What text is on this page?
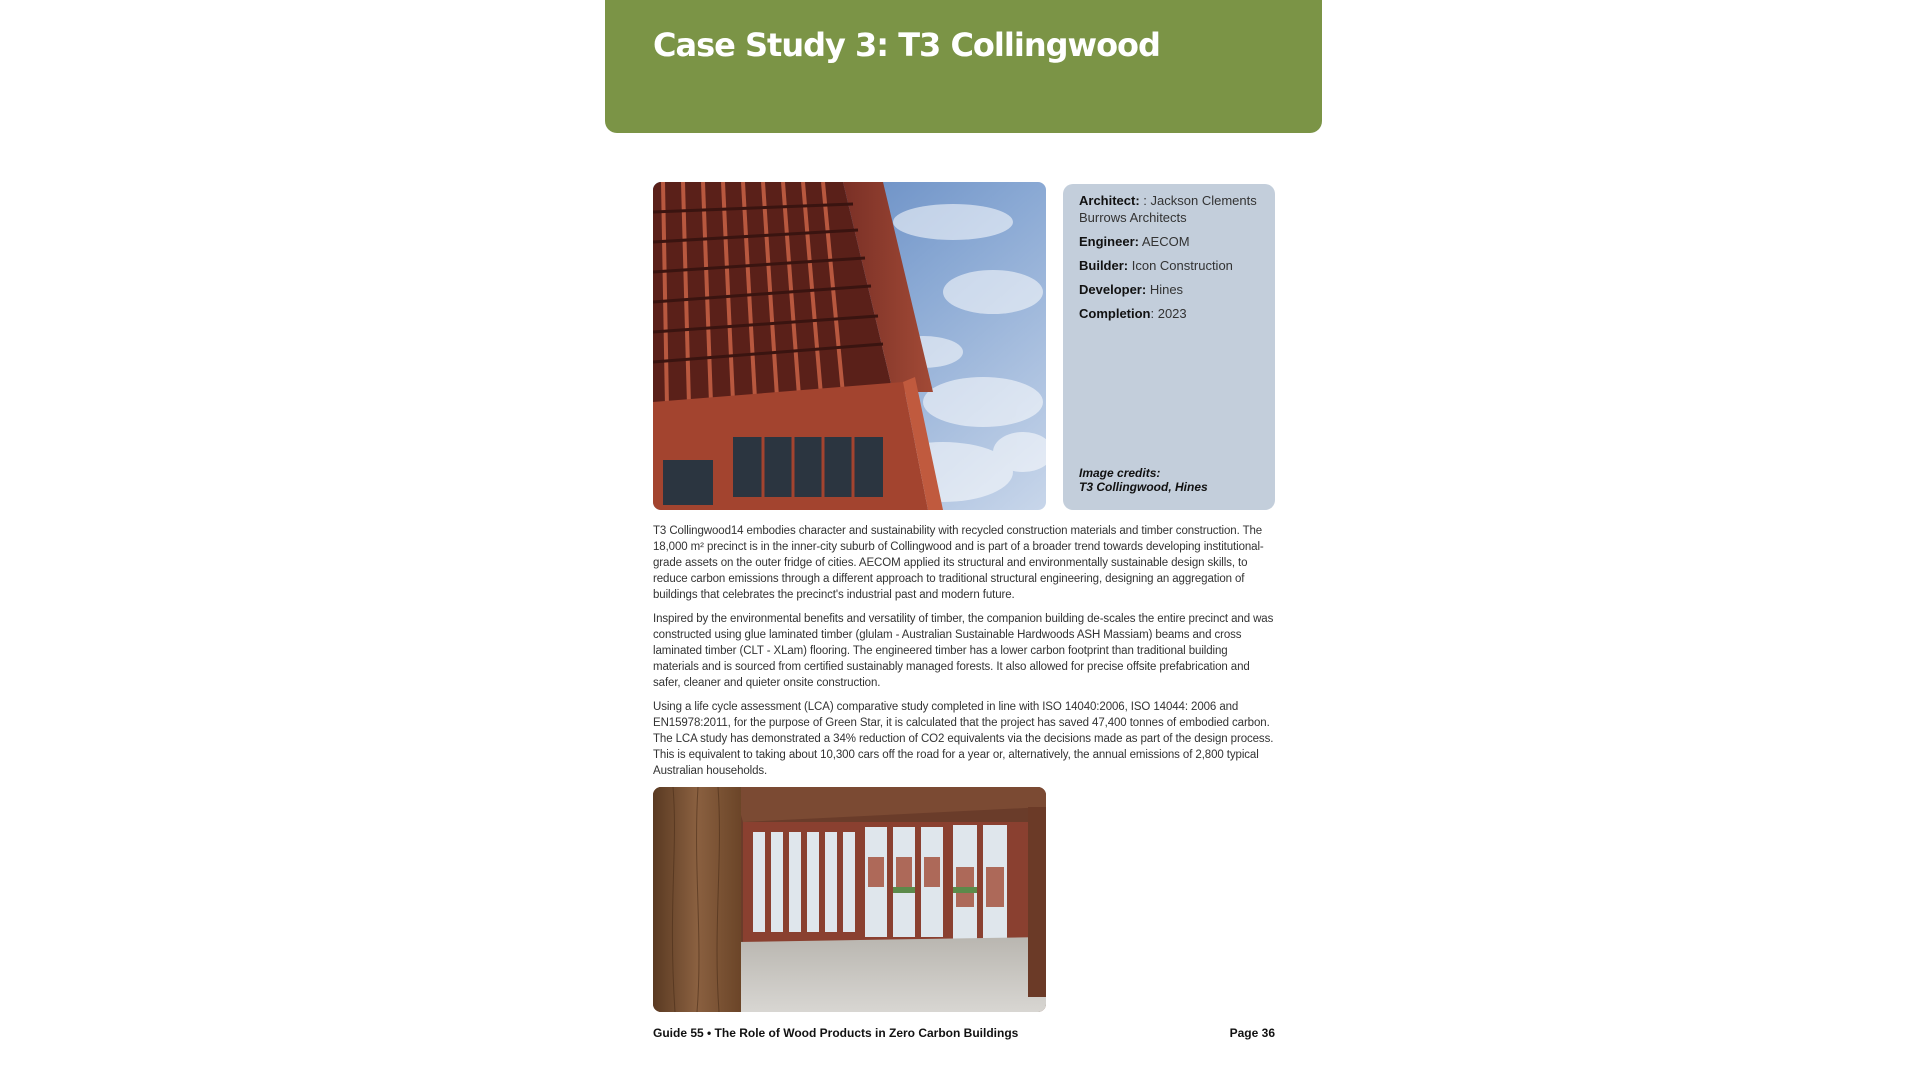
Case Study 3: T3 Collingwood
Architect: : Jackson Clements Burrows Architects
Engineer: AECOM
Builder: Icon Construction
Developer: Hines
Completion: 2023
Image credits:
T3 Collingwood, Hines

T3 Collingwood14 embodies character and sustainability with recycled construction materials and timber construction. The 18,000 m² precinct is in the inner-city suburb of Collingwood and is part of a broader trend towards developing institutional-grade assets on the outer fridge of cities. AECOM applied its structural and environmentally sustainable design skills, to reduce carbon emissions through a different approach to traditional structural engineering, designing an aggregation of buildings that celebrates the precinct's industrial past and modern future.

Inspired by the environmental benefits and versatility of timber, the companion building de-scales the entire precinct and was constructed using glue laminated timber (glulam - Australian Sustainable Hardwoods ASH Massiam) beams and cross laminated timber (CLT - XLam) flooring. The engineered timber has a lower carbon footprint than traditional building materials and is sourced from certified sustainably managed forests. It also allowed for precise offsite prefabrication and safer, cleaner and quieter onsite construction.

Using a life cycle assessment (LCA) comparative study completed in line with ISO 14040:2006, ISO 14044: 2006 and EN15978:2011, for the purpose of Green Star, it is calculated that the project has saved 47,400 tonnes of embodied carbon. The LCA study has demonstrated a 34% reduction of CO2 equivalents via the decisions made as part of the design process. This is equivalent to taking about 10,300 cars off the road for a year or, alternatively, the annual emissions of 2,800 typical Australian households.

Guide 55 • The Role of Wood Products in Zero Carbon Buildings	Page 36
